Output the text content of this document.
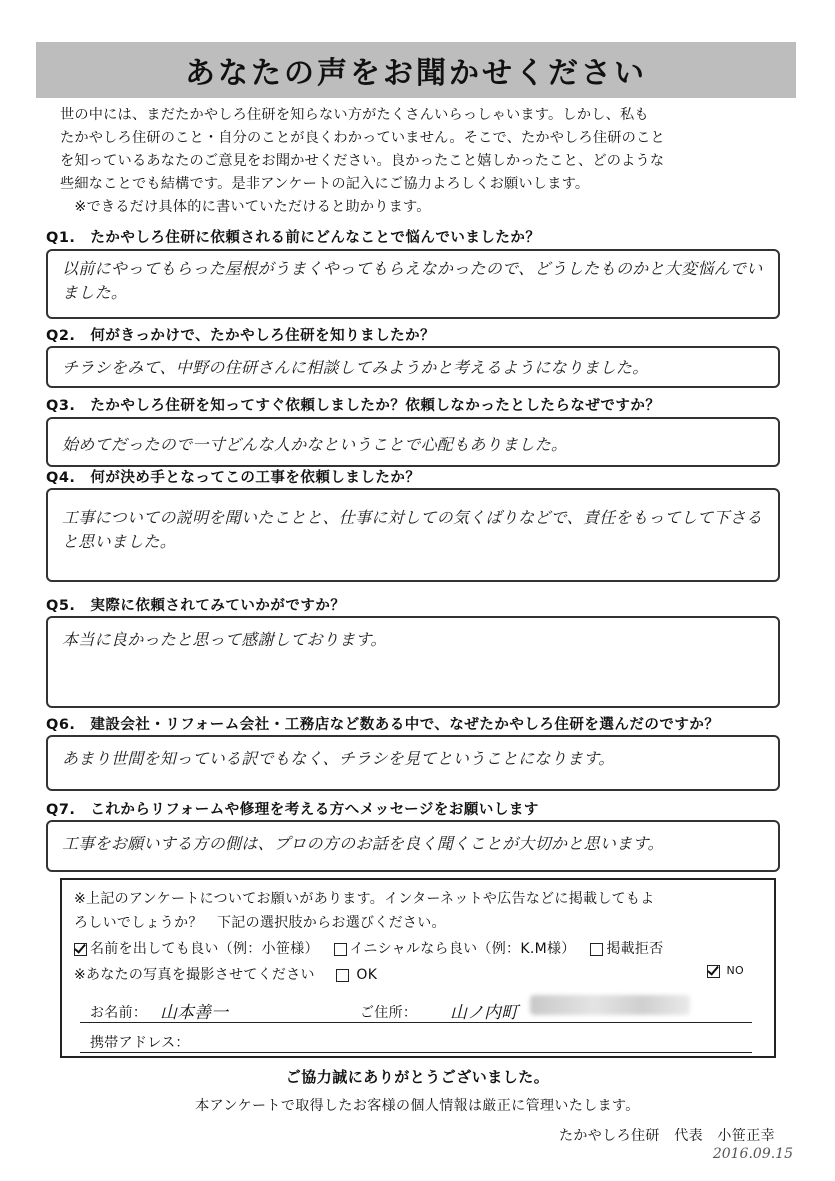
あなたの声をお聞かせください

世の中には、まだたかやしろ住研を知らない方がたくさんいらっしゃいます。しかし、私も

たかやしろ住研のこと・自分のことが良くわかっていません。そこで、たかやしろ住研のこと

を知っているあなたのご意見をお聞かせください。良かったこと嬉しかったこと、どのような

些細なことでも結構です。是非アンケートの記入にご協力よろしくお願いします。

　※できるだけ具体的に書いていただけると助かります。

Q1.　たかやしろ住研に依頼される前にどんなことで悩んでいましたか？
以前にやってもらった屋根がうまくやってもらえなかったので、どうしたものかと大変悩んでいました。
Q2.　何がきっかけで、たかやしろ住研を知りましたか？
チラシをみて、中野の住研さんに相談してみようかと考えるようになりました。
Q3.　たかやしろ住研を知ってすぐ依頼しましたか？依頼しなかったとしたらなぜですか？
始めてだったので一寸どんな人かなということで心配もありました。
Q4.　何が決め手となってこの工事を依頼しましたか？
工事についての説明を聞いたことと、仕事に対しての気くばりなどで、責任をもってして下さると思いました。
Q5.　実際に依頼されてみていかがですか？
本当に良かったと思って感謝しております。
Q6.　建設会社・リフォーム会社・工務店など数ある中で、なぜたかやしろ住研を選んだのですか？
あまり世間を知っている訳でもなく、チラシを見てということになります。
Q7.　これからリフォームや修理を考える方へメッセージをお願いします
工事をお願いする方の側は、プロの方のお話を良く聞くことが大切かと思います。
※上記のアンケートについてお願いがあります。インターネットや広告などに掲載してもよ
ろしいでしょうか？　下記の選択肢からお選びください。
名前を出しても良い（例：小笹様） イニシャルなら良い（例：K.M様） 掲載拒否
※あなたの写真を撮影させてください	OK	NO
お名前： 山本善一	ご住所： 山ノ内町
携帯アドレス：
ご協力誠にありがとうございました。
本アンケートで取得したお客様の個人情報は厳正に管理いたします。
たかやしろ住研　代表　小笹正幸
2016.09.15
